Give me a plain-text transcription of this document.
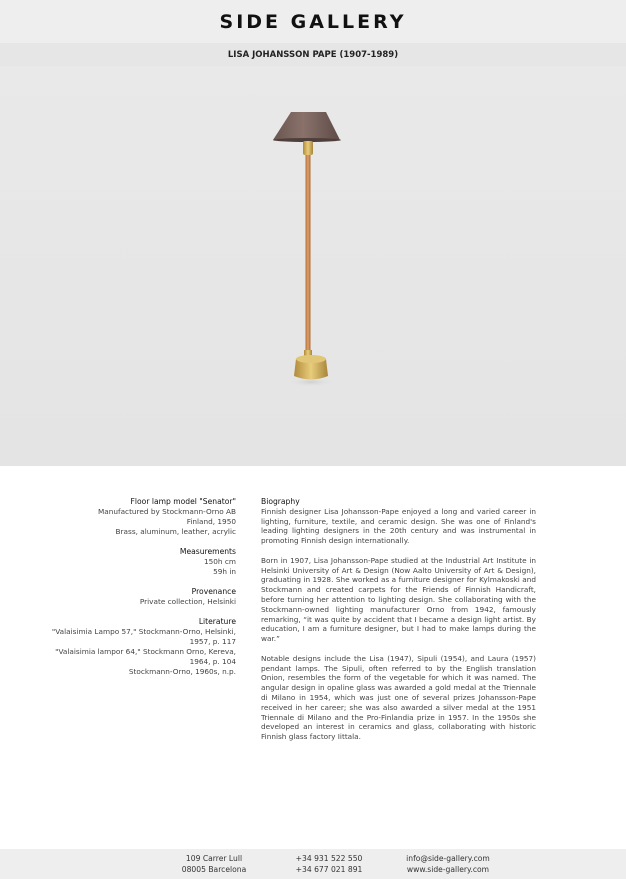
SIDE GALLERY
LISA JOHANSSON PAPE (1907-1989)
Floor lamp model "Senator"
Manufactured by Stockmann-Orno AB
Finland, 1950
Brass, aluminum, leather, acrylic
Measurements
150h cm
59h in
Provenance
Private collection, Helsinki
Literature
"Valaisimia Lampo 57," Stockmann-Orno, Helsinki,
1957, p. 117
"Valaisimia lampor 64," Stockmann Orno, Kereva,
1964, p. 104
Stockmann-Orno, 1960s, n.p.
Biography

Finnish designer Lisa Johansson-Pape enjoyed a long and varied career in lighting, furniture, textile, and ceramic design. She was one of Finland's leading lighting designers in the 20th century and was instrumental in promoting Finnish design internationally.

Born in 1907, Lisa Johansson-Pape studied at the Industrial Art Institute in Helsinki University of Art & Design (Now Aalto University of Art & Design), graduating in 1928. She worked as a furniture designer for Kylmakoski and Stockmann and created carpets for the Friends of Finnish Handicraft, before turning her attention to lighting design. She collaborating with the Stockmann-owned lighting manufacturer Orno from 1942, famously remarking, “it was quite by accident that I became a design light artist. By education, I am a furniture designer, but I had to make lamps during the war.”

Notable designs include the Lisa (1947), Sipuli (1954), and Laura (1957) pendant lamps. The Sipuli, often referred to by the English translation Onion, resembles the form of the vegetable for which it was named. The angular design in opaline glass was awarded a gold medal at the Triennale di Milano in 1954, which was just one of several prizes Johansson-Pape received in her career; she was also awarded a silver medal at the 1951 Triennale di Milano and the Pro-Finlandia prize in 1957. In the 1950s she developed an interest in ceramics and glass, collaborating with historic Finnish glass factory Iittala.

109 Carrer Lull
08005 Barcelona
+34 931 522 550
+34 677 021 891
info@side-gallery.com
www.side-gallery.com
